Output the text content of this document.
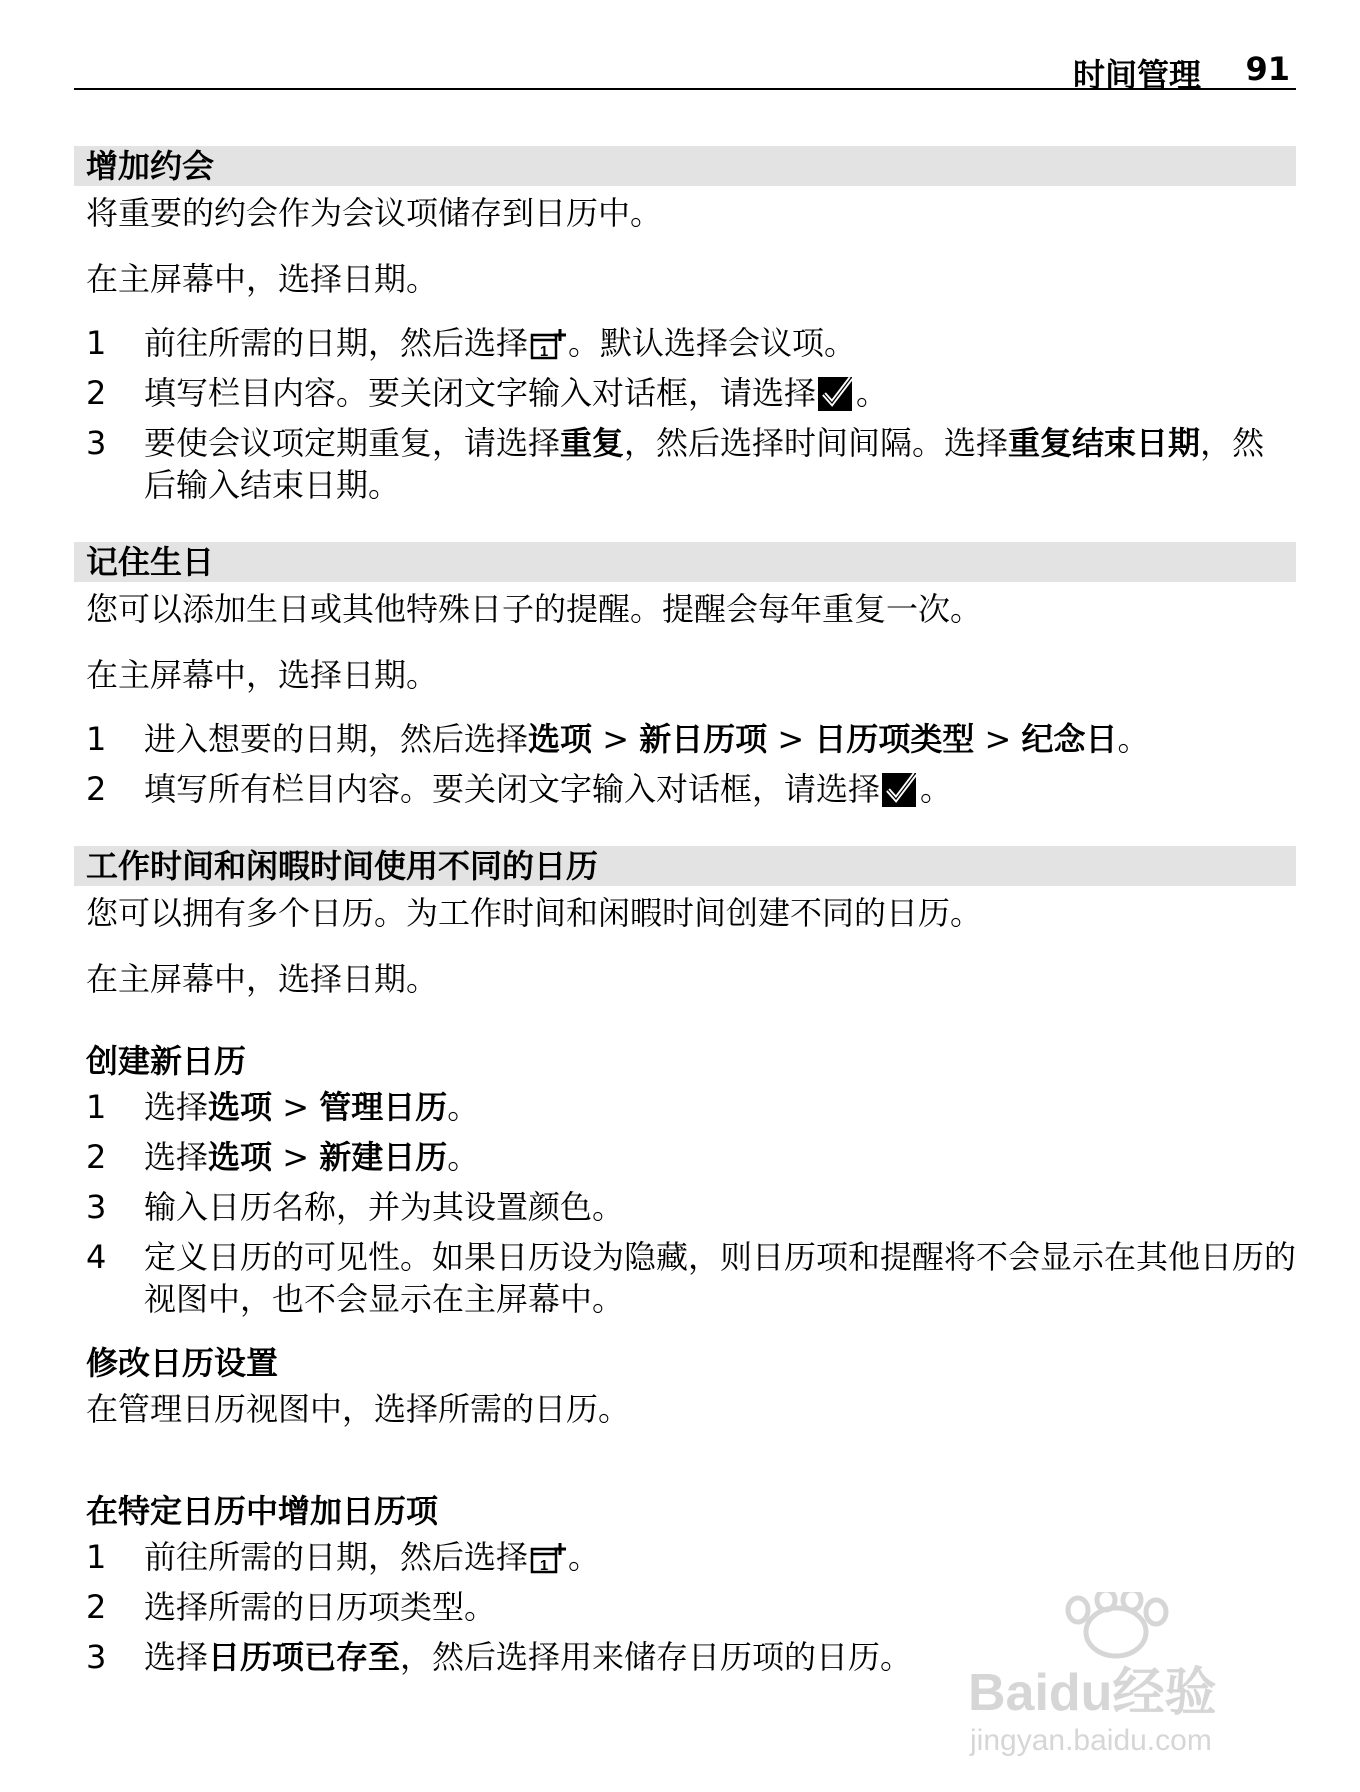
时间管理 91
增加约会
将重要的约会作为会议项储存到日历中。
在主屏幕中，选择日期。
1 前往所需的日期，然后选择 1 。默认选择会议项。
2 填写栏目内容。要关闭文字输入对话框，请选择 。
3 要使会议项定期重复，请选择重复，然后选择时间间隔。选择重复结束日期，然后输入结束日期。
记住生日
您可以添加生日或其他特殊日子的提醒。提醒会每年重复一次。
在主屏幕中，选择日期。
1 进入想要的日期，然后选择选项 > 新日历项 > 日历项类型 > 纪念日。
2 填写所有栏目内容。要关闭文字输入对话框，请选择 。
工作时间和闲暇时间使用不同的日历
您可以拥有多个日历。为工作时间和闲暇时间创建不同的日历。
在主屏幕中，选择日期。
创建新日历
1 选择选项 > 管理日历。
2 选择选项 > 新建日历。
3 输入日历名称，并为其设置颜色。
4 定义日历的可见性。如果日历设为隐藏，则日历项和提醒将不会显示在其他日历的视图中，也不会显示在主屏幕中。
修改日历设置
在管理日历视图中，选择所需的日历。
在特定日历中增加日历项
1 前往所需的日期，然后选择 1 。
2 选择所需的日历项类型。
3 选择日历项已存至，然后选择用来储存日历项的日历。
Baidu经验
jingyan.baidu.com
